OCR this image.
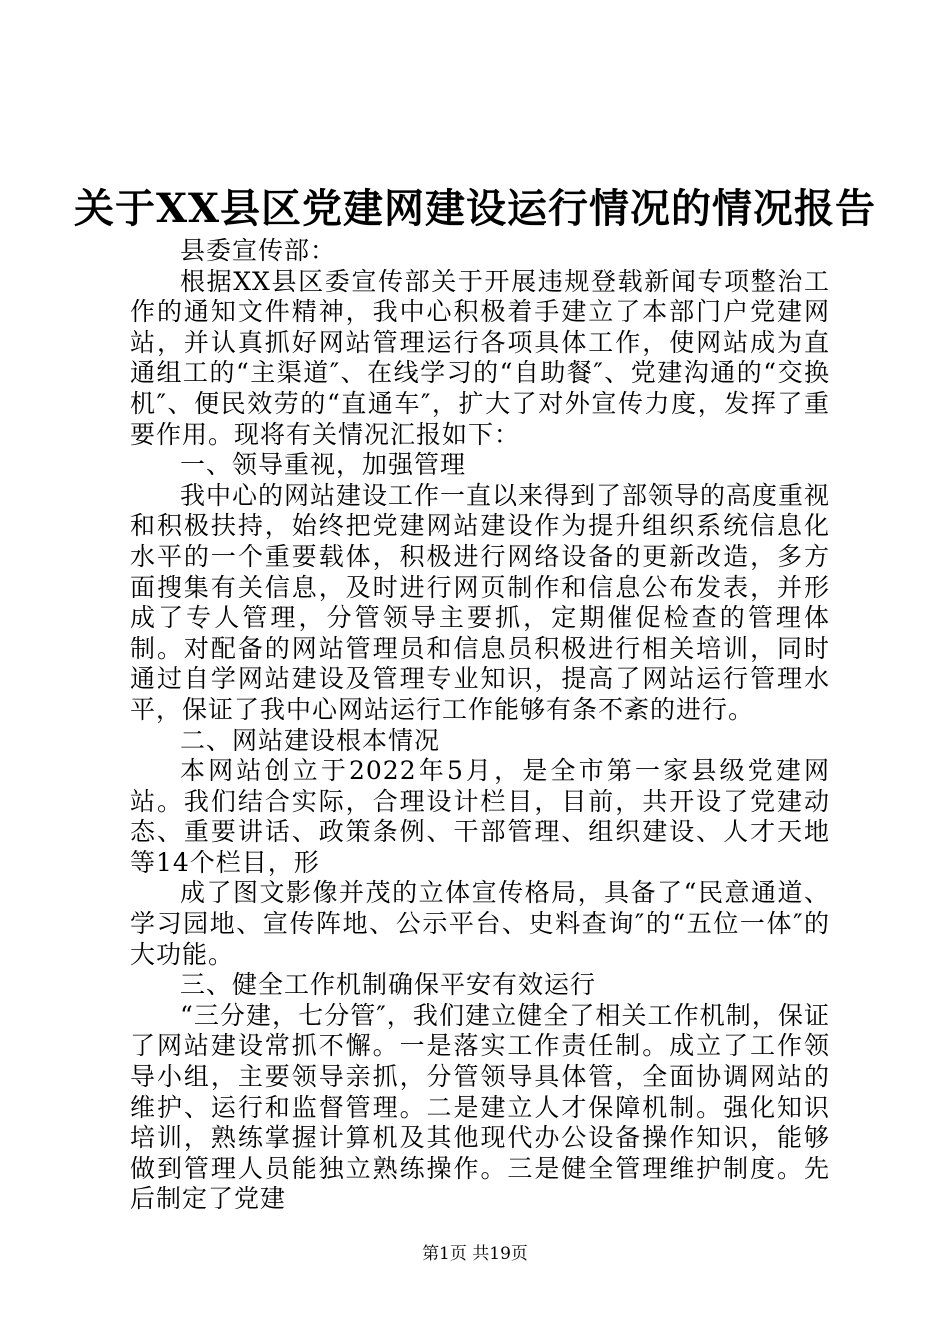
关于XX县区党建网建设运行情况的情况报告

县委宣传部：

根据XX县区委宣传部关于开展违规登载新闻专项整治工作的通知文件精神，我中心积极着手建立了本部门户党建网站，并认真抓好网站管理运行各项具体工作，使网站成为直通组工的“主渠道″、在线学习的“自助餐″、党建沟通的“交换机″、便民效劳的“直通车″，扩大了对外宣传力度，发挥了重要作用。现将有关情况汇报如下：

一、领导重视，加强管理

我中心的网站建设工作一直以来得到了部领导的高度重视和积极扶持，始终把党建网站建设作为提升组织系统信息化水平的一个重要载体，积极进行网络设备的更新改造，多方面搜集有关信息，及时进行网页制作和信息公布发表，并形成了专人管理，分管领导主要抓，定期催促检查的管理体制。对配备的网站管理员和信息员积极进行相关培训，同时通过自学网站建设及管理专业知识，提高了网站运行管理水平，保证了我中心网站运行工作能够有条不紊的进行。

二、网站建设根本情况

本网站创立于2022年5月，是全市第一家县级党建网站。我们结合实际，合理设计栏目，目前，共开设了党建动态、重要讲话、政策条例、干部管理、组织建设、人才天地等14个栏目，形

成了图文影像并茂的立体宣传格局，具备了“民意通道、学习园地、宣传阵地、公示平台、史料查询″的“五位一体″的大功能。

三、健全工作机制确保平安有效运行

“三分建，七分管″，我们建立健全了相关工作机制，保证了网站建设常抓不懈。一是落实工作责任制。成立了工作领导小组，主要领导亲抓，分管领导具体管，全面协调网站的维护、运行和监督管理。二是建立人才保障机制。强化知识培训，熟练掌握计算机及其他现代办公设备操作知识，能够做到管理人员能独立熟练操作。三是健全管理维护制度。先后制定了党建

第1页 共19页
